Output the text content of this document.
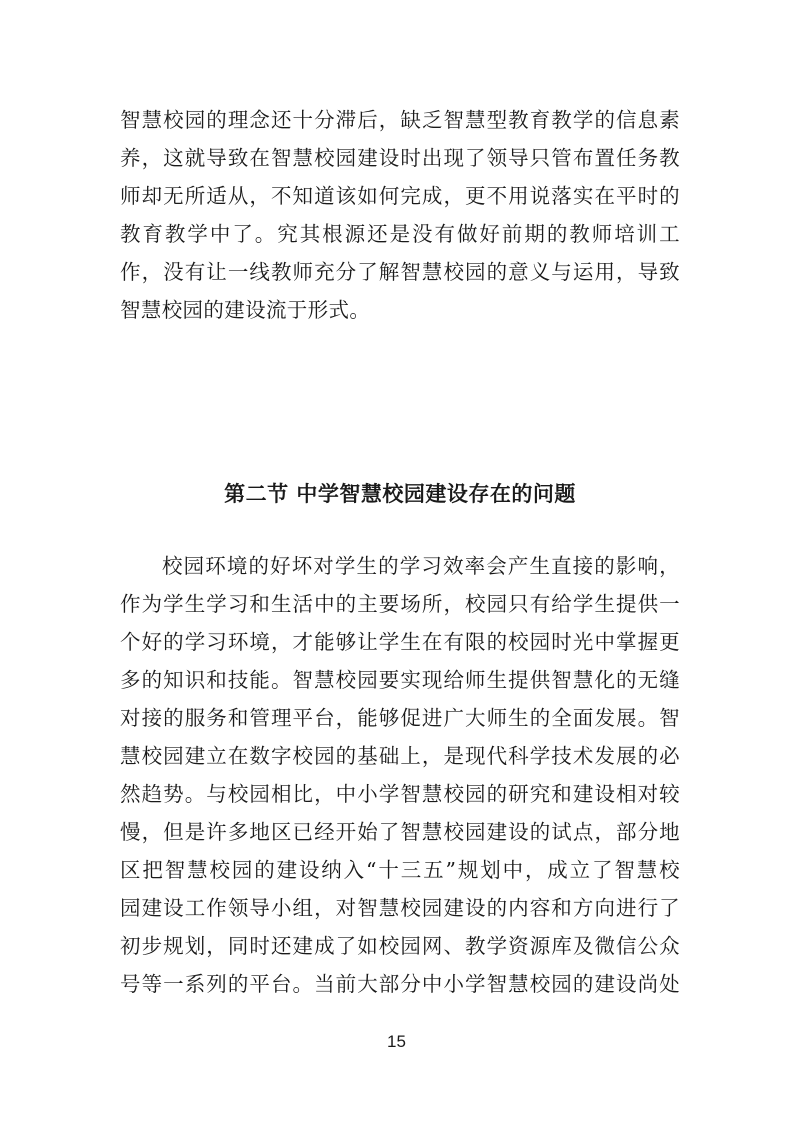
智慧校园的理念还十分滞后，缺乏智慧型教育教学的信息素
养，这就导致在智慧校园建设时出现了领导只管布置任务教
师却无所适从，不知道该如何完成，更不用说落实在平时的
教育教学中了。究其根源还是没有做好前期的教师培训工
作，没有让一线教师充分了解智慧校园的意义与运用，导致
智慧校园的建设流于形式。
第二节 中学智慧校园建设存在的问题
校园环境的好坏对学生的学习效率会产生直接的影响，
作为学生学习和生活中的主要场所，校园只有给学生提供一
个好的学习环境，才能够让学生在有限的校园时光中掌握更
多的知识和技能。智慧校园要实现给师生提供智慧化的无缝
对接的服务和管理平台，能够促进广大师生的全面发展。智
慧校园建立在数字校园的基础上，是现代科学技术发展的必
然趋势。与校园相比，中小学智慧校园的研究和建设相对较
慢，但是许多地区已经开始了智慧校园建设的试点，部分地
区把智慧校园的建设纳入“十三五”规划中，成立了智慧校
园建设工作领导小组，对智慧校园建设的内容和方向进行了
初步规划，同时还建成了如校园网、教学资源库及微信公众
号等一系列的平台。当前大部分中小学智慧校园的建设尚处
15
